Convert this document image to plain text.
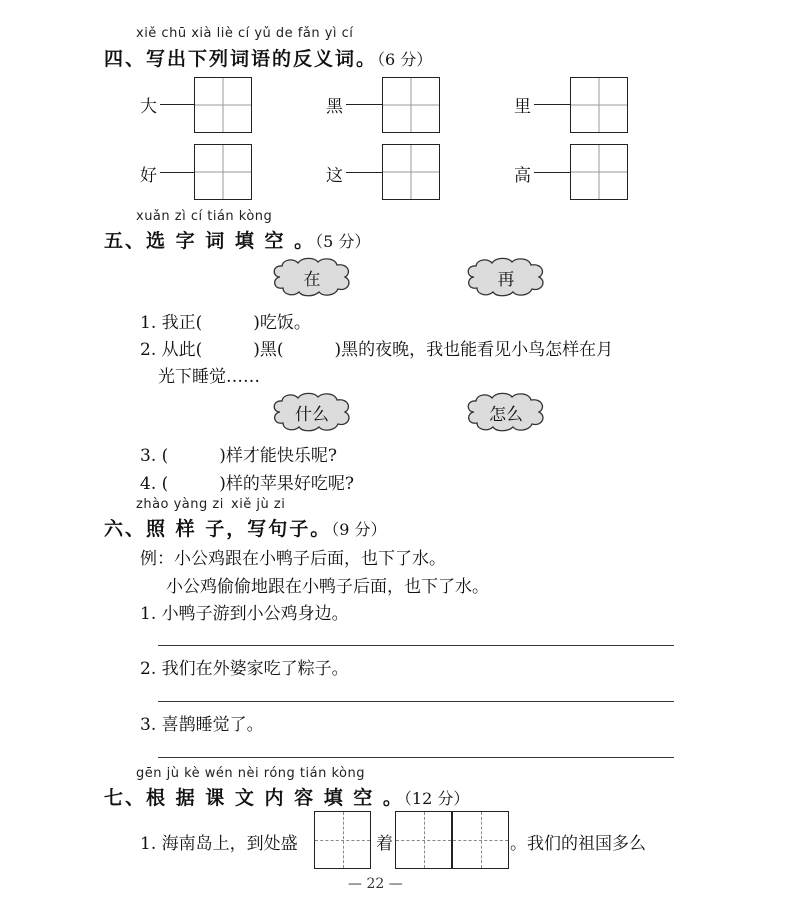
xiě chū xià liè cí yǔ de fǎn yì cí
四、写出下列词语的反义词。（6 分）
大	黑	里
好	这	高
xuǎn zì cí tián kòng
五、选 字 词 填 空 。（5 分）
在	再
1. 我正(　　　)吃饭。
2. 从此(　　　)黑(　　　)黑的夜晚，我也能看见小鸟怎样在月
光下睡觉……
什么	怎么
3. (　　　)样才能快乐呢?
4. (　　　)样的苹果好吃呢?
zhào yàng zi xiě jù zi
六、照 样 子，写句子。（9 分）
例：小公鸡跟在小鸭子后面，也下了水。
小公鸡偷偷地跟在小鸭子后面，也下了水。
1. 小鸭子游到小公鸡身边。
2. 我们在外婆家吃了粽子。
3. 喜鹊睡觉了。
gēn jù kè wén nèi róng tián kòng
七、根 据 课 文 内 容 填 空 。（12 分）
1. 海南岛上，到处盛	着	。我们的祖国多么
— 22 —
